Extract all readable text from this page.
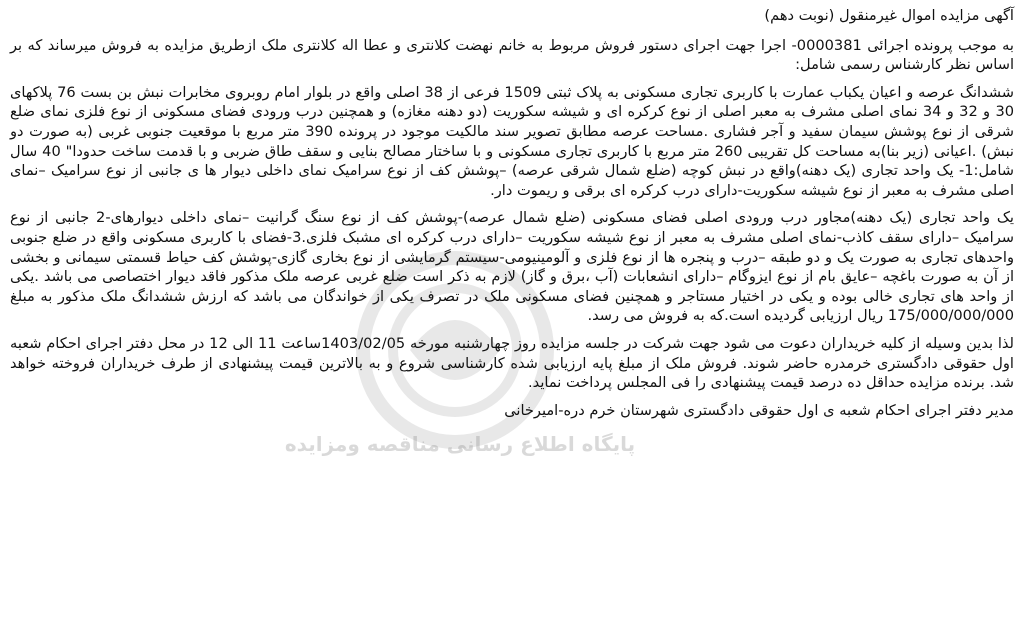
پایگاه اطلاع رسانی مناقصه ومزایده
آگهی مزایده اموال غیرمنقول (نوبت دهم)

به موجب پرونده اجرائی 0000381- اجرا جهت اجرای دستور فروش مربوط به خانم نهضت کلانتری و عطا اله کلانتری ملک ازطریق مزایده به فروش میرساند که بر اساس نظر کارشناس رسمی شامل:

ششدانگ عرصه و اعیان یکباب عمارت با کاربری تجاری مسکونی به پلاک ثبتی 1509 فرعی از 38 اصلی واقع در بلوار امام روبروی مخابرات نبش بن بست 76 پلاکهای 30 و 32 و 34 نمای اصلی مشرف به معبر اصلی از نوع کرکره ای و شیشه سکوریت (دو دهنه مغازه) و همچنین درب ورودی فضای مسکونی از نوع فلزی نمای ضلع شرقی از نوع پوشش سیمان سفید و آجر فشاری .مساحت عرصه مطابق تصویر سند مالکیت موجود در پرونده 390 متر مربع با موقعیت جنوبی غربی (به صورت دو نبش) .اعیانی (زیر بنا)به مساحت کل تقریبی 260 متر مربع با کاربری تجاری مسکونی و با ساختار مصالح بنایی و سقف طاق ضربی و با قدمت ساخت حدودا" 40 سال شامل:1- یک واحد تجاری (یک دهنه)واقع در نبش کوچه (ضلع شمال شرقی عرصه) –پوشش کف از نوع سرامیک نمای داخلی دیوار ها ی جانبی از نوع سرامیک –نمای اصلی مشرف به معبر از نوع شیشه سکوریت-دارای درب کرکره ای برقی و ریموت دار.

یک واحد تجاری (یک دهنه)مجاور درب ورودی اصلی فضای مسکونی (ضلع شمال عرصه)-پوشش کف از نوع سنگ گرانیت –نمای داخلی دیوارهای-2 جانبی از نوع سرامیک –دارای سقف کاذب-نمای اصلی مشرف به معبر از نوع شیشه سکوریت –دارای درب کرکره ای مشبک فلزی.3-فضای با کاربری مسکونی واقع در ضلع جنوبی واحدهای تجاری به صورت یک و دو طبقه –درب و پنجره ها از نوع فلزی و آلومینیومی-سیستم گرمایشی از نوع بخاری گازی-پوشش کف حیاط قسمتی سیمانی و بخشی از آن به صورت باغچه –عایق بام از نوع ایزوگام –دارای انشعابات (آب ،برق و گاز) لازم به ذکر است ضلع غربی عرصه ملک مذکور فاقد دیوار اختصاصی می باشد .یکی از واحد های تجاری خالی بوده و یکی در اختیار مستاجر و همچنین فضای مسکونی ملک در تصرف یکی از خواندگان می باشد که ارزش ششدانگ ملک مذکور به مبلغ 175/000/000/000 ریال ارزیابی گردیده است.که به فروش می رسد.

لذا بدین وسیله از کلیه خریداران دعوت می شود جهت شرکت در جلسه مزایده روز چهارشنبه مورخه 1403/02/05ساعت 11 الی 12 در محل دفتر اجرای احکام شعبه اول حقوقی دادگستری خرمدره حاضر شوند. فروش ملک از مبلغ پایه ارزیابی شده کارشناسی شروع و به بالاترین قیمت پیشنهادی از طرف خریداران فروخته خواهد شد. برنده مزایده حداقل ده درصد قیمت پیشنهادی را فی المجلس پرداخت نماید.

مدیر دفتر اجرای احکام شعبه ی اول حقوقی دادگستری شهرستان خرم دره-امیرخانی
